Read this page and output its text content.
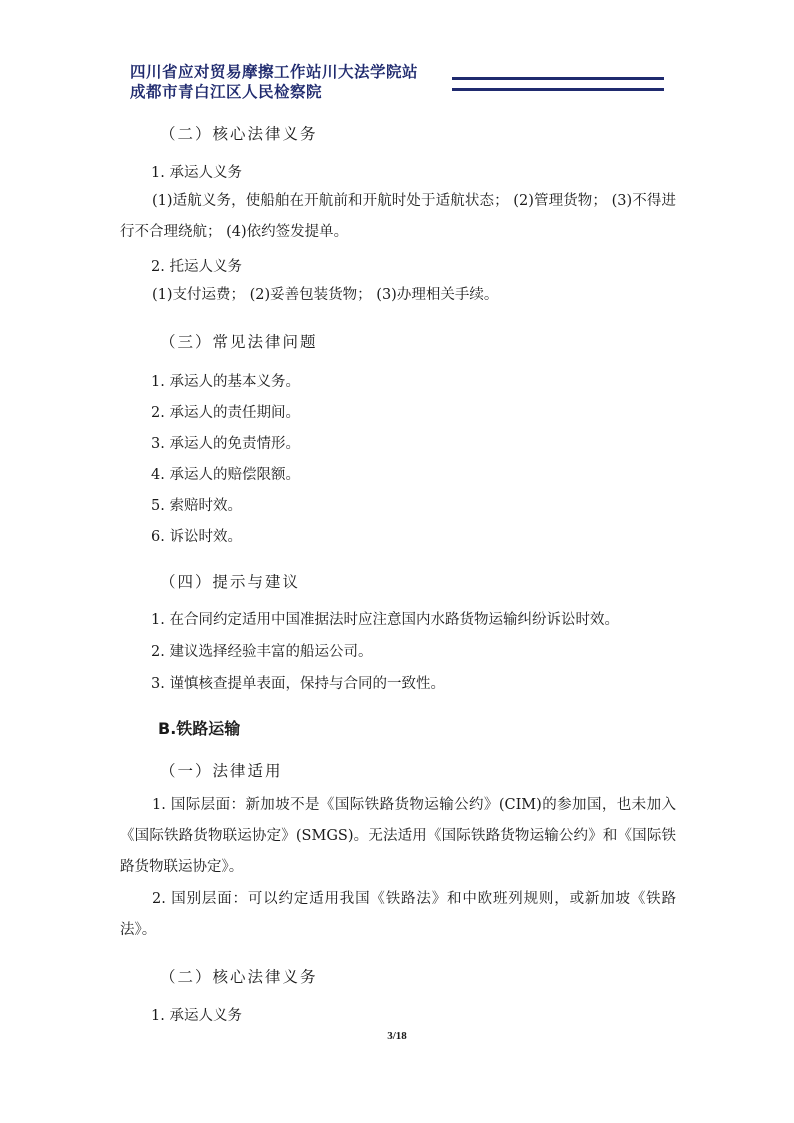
四川省应对贸易摩擦工作站川大法学院站
成都市青白江区人民检察院
（二）核心法律义务
1. 承运人义务
(1)适航义务，使船舶在开航前和开航时处于适航状态； (2)管理货物； (3)不得进行不合理绕航； (4)依约签发提单。
2. 托运人义务
(1)支付运费； (2)妥善包装货物； (3)办理相关手续。
（三）常见法律问题
1. 承运人的基本义务。
2. 承运人的责任期间。
3. 承运人的免责情形。
4. 承运人的赔偿限额。
5. 索赔时效。
6. 诉讼时效。
（四）提示与建议
1. 在合同约定适用中国准据法时应注意国内水路货物运输纠纷诉讼时效。
2. 建议选择经验丰富的船运公司。
3. 谨慎核查提单表面，保持与合同的一致性。
B.铁路运输
（一）法律适用
1. 国际层面：新加坡不是《国际铁路货物运输公约》(CIM)的参加国，也未加入《国际铁路货物联运协定》(SMGS)。无法适用《国际铁路货物运输公约》和《国际铁路货物联运协定》。
2. 国别层面：可以约定适用我国《铁路法》和中欧班列规则，或新加坡《铁路法》。
（二）核心法律义务
1. 承运人义务
3/18
